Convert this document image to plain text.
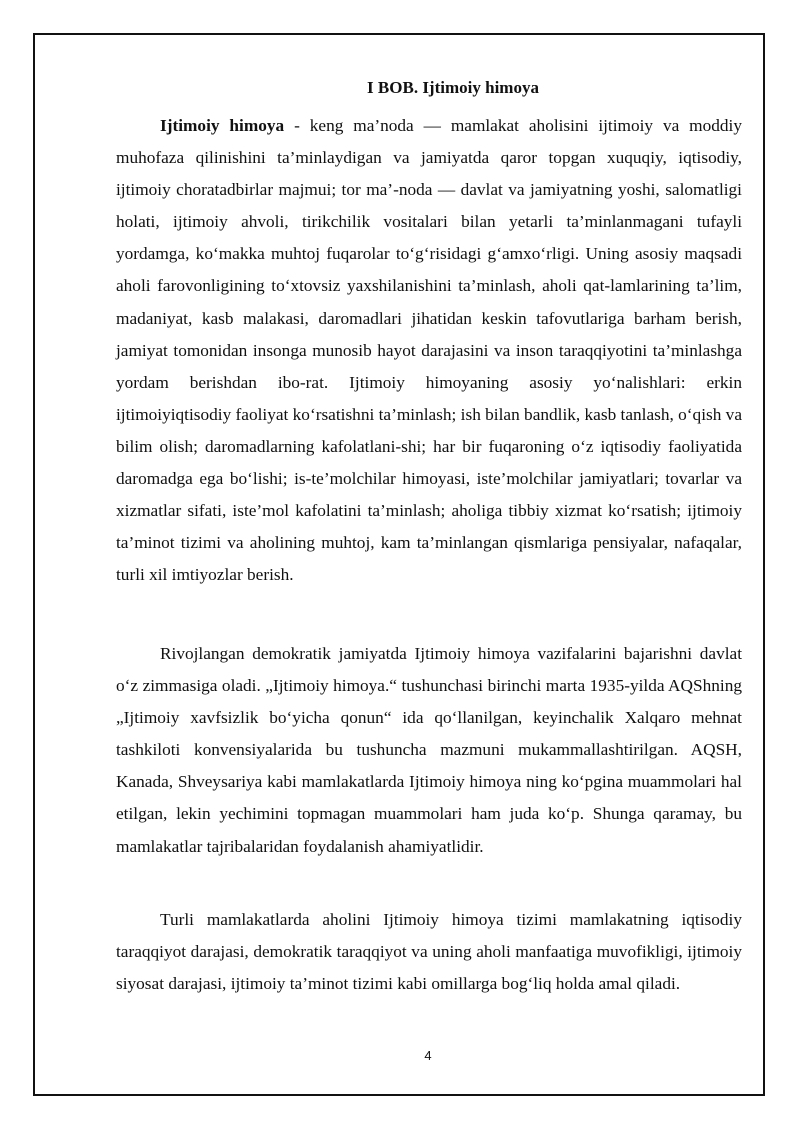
I BOB. Ijtimoiy himoya

Ijtimoiy himoya - keng ma’noda — mamlakat aholisini ijtimoiy va moddiy muhofaza qilinishini ta’minlaydigan va jamiyatda qaror topgan xuquqiy, iqtisodiy, ijtimoiy choratadbirlar majmui; tor ma’-noda — davlat va jamiyatning yoshi, salomatligi holati, ijtimoiy ahvoli, tirikchilik vositalari bilan yetarli ta’minlanmagani tufayli yordamga, ko‘makka muhtoj fuqarolar to‘g‘risidagi g‘amxo‘rligi. Uning asosiy maqsadi aholi farovonligining to‘xtovsiz yaxshilanishini ta’minlash, aholi qat-lamlarining ta’lim, madaniyat, kasb malakasi, daromadlari jihatidan keskin tafovutlariga barham berish, jamiyat tomonidan insonga munosib hayot darajasini va inson taraqqiyotini ta’minlashga yordam berishdan ibo-rat. Ijtimoiy himoyaning asosiy yo‘nalishlari: erkin ijtimoiyiqtisodiy faoliyat ko‘rsatishni ta’minlash; ish bilan bandlik, kasb tanlash, o‘qish va bilim olish; daromadlarning kafolatlani-shi; har bir fuqaroning o‘z iqtisodiy faoliyatida daromadga ega bo‘lishi; is-te’molchilar himoyasi, iste’molchilar jamiyatlari; tovarlar va xizmatlar sifati, iste’mol kafolatini ta’minlash; aholiga tibbiy xizmat ko‘rsatish; ijtimoiy ta’minot tizimi va aholining muhtoj, kam ta’minlangan qismlariga pensiyalar, nafaqalar, turli xil imtiyozlar berish.

Rivojlangan demokratik jamiyatda Ijtimoiy himoya vazifalarini bajarishni davlat o‘z zimmasiga oladi. „Ijtimoiy himoya.“ tushunchasi birinchi marta 1935-yilda AQShning „Ijtimoiy xavfsizlik bo‘yicha qonun“ ida qo‘llanilgan, keyinchalik Xalqaro mehnat tashkiloti konvensiyalarida bu tushuncha mazmuni mukammallashtirilgan. AQSH, Kanada, Shveysariya kabi mamlakatlarda Ijtimoiy himoya ning ko‘pgina muammolari hal etilgan, lekin yechimini topmagan muammolari ham juda ko‘p. Shunga qaramay, bu mamlakatlar tajribalaridan foydalanish ahamiyatlidir.

Turli mamlakatlarda aholini Ijtimoiy himoya tizimi mamlakatning iqtisodiy taraqqiyot darajasi, demokratik taraqqiyot va uning aholi manfaatiga muvofikligi, ijtimoiy siyosat darajasi, ijtimoiy ta’minot tizimi kabi omillarga bog‘liq holda amal qiladi.

4
